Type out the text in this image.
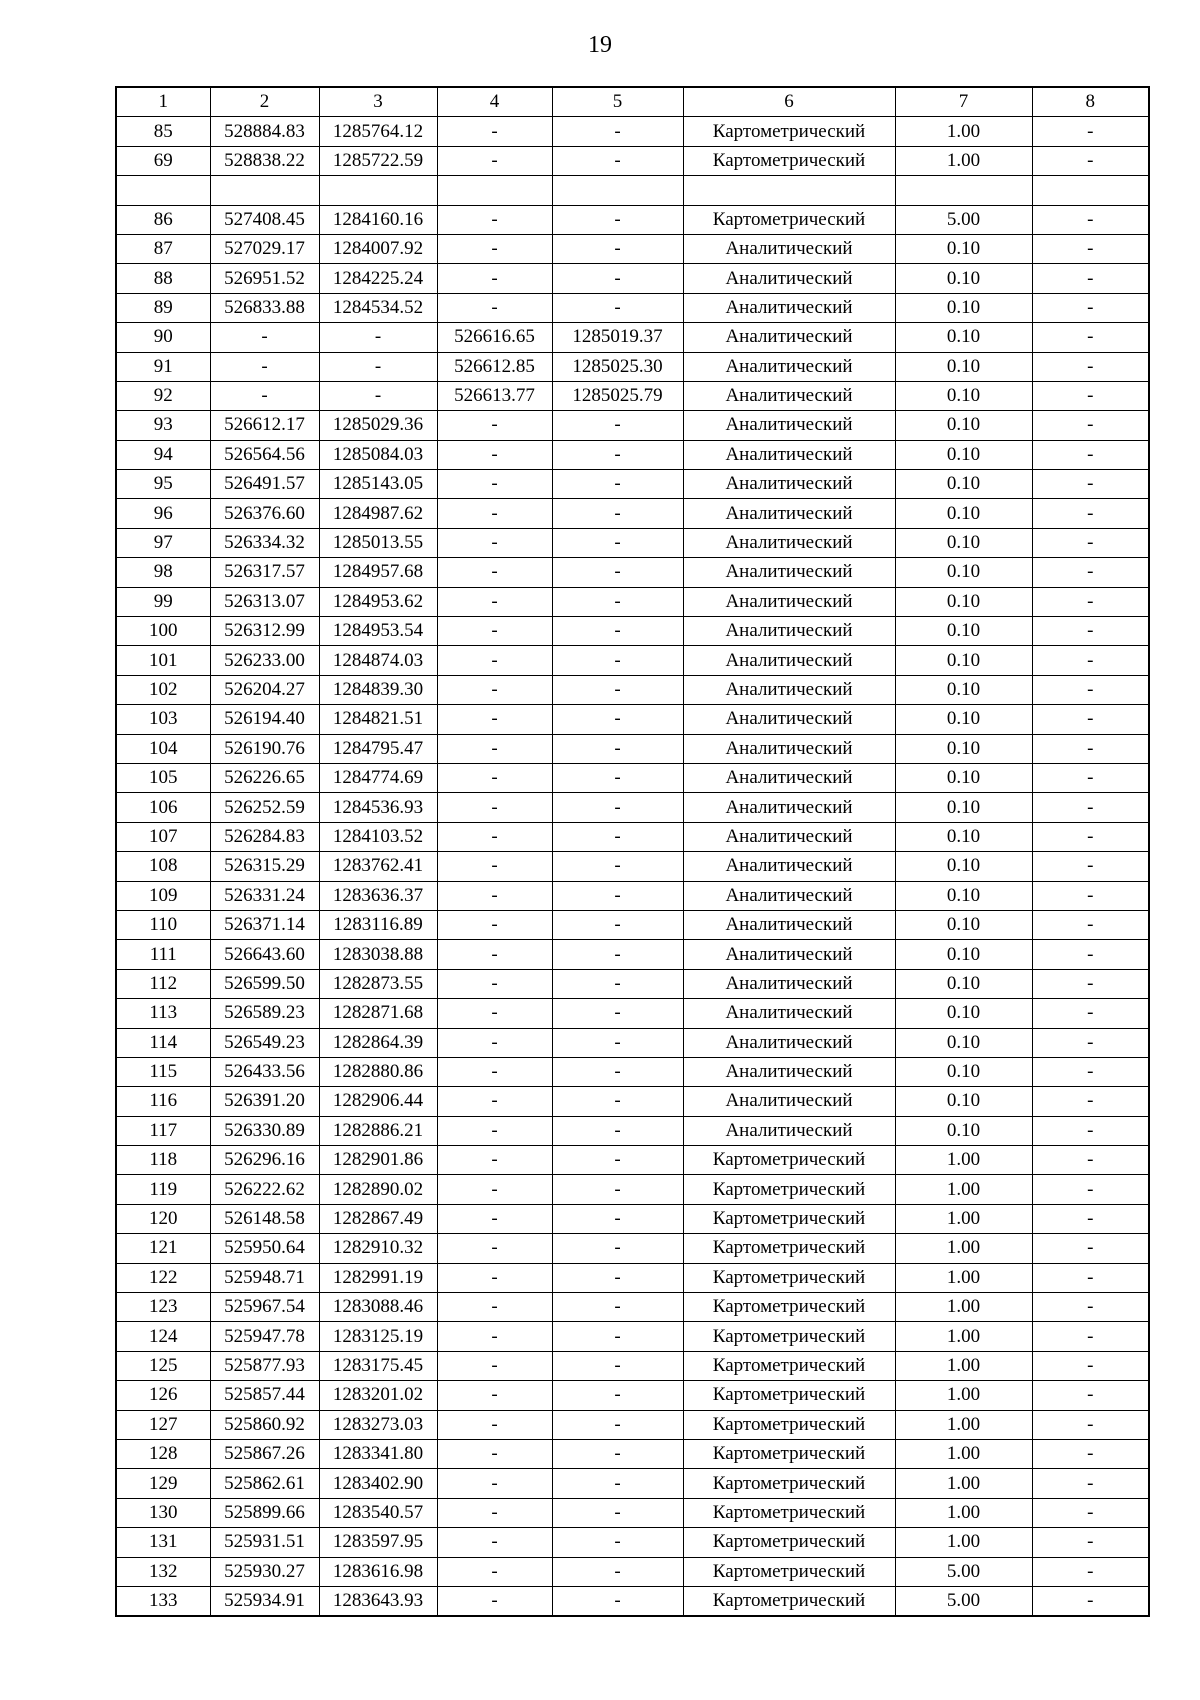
19
1	2	3	4	5	6	7	8
85	528884.83	1285764.12	-	-	Картометрический	1.00	-
69	528838.22	1285722.59	-	-	Картометрический	1.00	-

86	527408.45	1284160.16	-	-	Картометрический	5.00	-
87	527029.17	1284007.92	-	-	Аналитический	0.10	-
88	526951.52	1284225.24	-	-	Аналитический	0.10	-
89	526833.88	1284534.52	-	-	Аналитический	0.10	-
90	-	-	526616.65	1285019.37	Аналитический	0.10	-
91	-	-	526612.85	1285025.30	Аналитический	0.10	-
92	-	-	526613.77	1285025.79	Аналитический	0.10	-
93	526612.17	1285029.36	-	-	Аналитический	0.10	-
94	526564.56	1285084.03	-	-	Аналитический	0.10	-
95	526491.57	1285143.05	-	-	Аналитический	0.10	-
96	526376.60	1284987.62	-	-	Аналитический	0.10	-
97	526334.32	1285013.55	-	-	Аналитический	0.10	-
98	526317.57	1284957.68	-	-	Аналитический	0.10	-
99	526313.07	1284953.62	-	-	Аналитический	0.10	-
100	526312.99	1284953.54	-	-	Аналитический	0.10	-
101	526233.00	1284874.03	-	-	Аналитический	0.10	-
102	526204.27	1284839.30	-	-	Аналитический	0.10	-
103	526194.40	1284821.51	-	-	Аналитический	0.10	-
104	526190.76	1284795.47	-	-	Аналитический	0.10	-
105	526226.65	1284774.69	-	-	Аналитический	0.10	-
106	526252.59	1284536.93	-	-	Аналитический	0.10	-
107	526284.83	1284103.52	-	-	Аналитический	0.10	-
108	526315.29	1283762.41	-	-	Аналитический	0.10	-
109	526331.24	1283636.37	-	-	Аналитический	0.10	-
110	526371.14	1283116.89	-	-	Аналитический	0.10	-
111	526643.60	1283038.88	-	-	Аналитический	0.10	-
112	526599.50	1282873.55	-	-	Аналитический	0.10	-
113	526589.23	1282871.68	-	-	Аналитический	0.10	-
114	526549.23	1282864.39	-	-	Аналитический	0.10	-
115	526433.56	1282880.86	-	-	Аналитический	0.10	-
116	526391.20	1282906.44	-	-	Аналитический	0.10	-
117	526330.89	1282886.21	-	-	Аналитический	0.10	-
118	526296.16	1282901.86	-	-	Картометрический	1.00	-
119	526222.62	1282890.02	-	-	Картометрический	1.00	-
120	526148.58	1282867.49	-	-	Картометрический	1.00	-
121	525950.64	1282910.32	-	-	Картометрический	1.00	-
122	525948.71	1282991.19	-	-	Картометрический	1.00	-
123	525967.54	1283088.46	-	-	Картометрический	1.00	-
124	525947.78	1283125.19	-	-	Картометрический	1.00	-
125	525877.93	1283175.45	-	-	Картометрический	1.00	-
126	525857.44	1283201.02	-	-	Картометрический	1.00	-
127	525860.92	1283273.03	-	-	Картометрический	1.00	-
128	525867.26	1283341.80	-	-	Картометрический	1.00	-
129	525862.61	1283402.90	-	-	Картометрический	1.00	-
130	525899.66	1283540.57	-	-	Картометрический	1.00	-
131	525931.51	1283597.95	-	-	Картометрический	1.00	-
132	525930.27	1283616.98	-	-	Картометрический	5.00	-
133	525934.91	1283643.93	-	-	Картометрический	5.00	-
